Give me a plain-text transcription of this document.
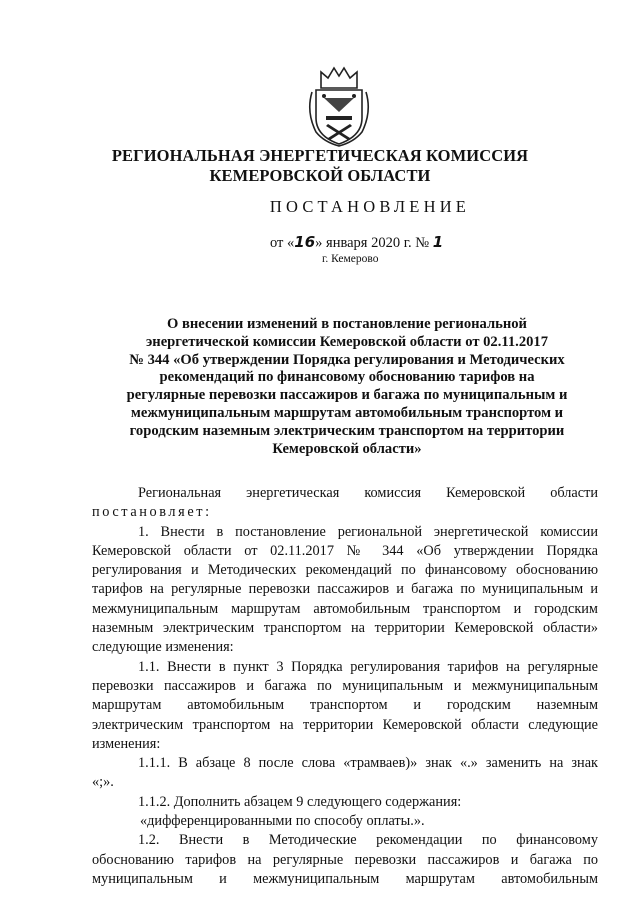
РЕГИОНАЛЬНАЯ ЭНЕРГЕТИЧЕСКАЯ КОМИССИЯ
КЕМЕРОВСКОЙ ОБЛАСТИ
ПОСТАНОВЛЕНИЕ
от «16» января 2020 г. № 1
г. Кемерово
О внесении изменений в постановление региональной
энергетической комиссии Кемеровской области от 02.11.2017
№ 344 «Об утверждении Порядка регулирования и Методических
рекомендаций по финансовому обоснованию тарифов на
регулярные перевозки пассажиров и багажа по муниципальным и
межмуниципальным маршрутам автомобильным транспортом и
городским наземным электрическим транспортом на территории
Кемеровской области»
Региональная энергетическая комиссия Кемеровской области
постановляет:
1. Внести в постановление региональной энергетической комиссии
Кемеровской области от 02.11.2017 № 344 «Об утверждении Порядка
регулирования и Методических рекомендаций по финансовому обоснованию
тарифов на регулярные перевозки пассажиров и багажа по муниципальным и
межмуниципальным маршрутам автомобильным транспортом и городским
наземным электрическим транспортом на территории Кемеровской области»
следующие изменения:
1.1. Внести в пункт 3 Порядка регулирования тарифов на регулярные
перевозки пассажиров и багажа по муниципальным и межмуниципальным
маршрутам автомобильным транспортом и городским наземным
электрическим транспортом на территории Кемеровской области следующие
изменения:
1.1.1. В абзаце 8 после слова «трамваев)» знак «.» заменить на знак
«;».
1.1.2. Дополнить абзацем 9 следующего содержания:
«дифференцированными по способу оплаты.».
1.2. Внести в Методические рекомендации по финансовому
обоснованию тарифов на регулярные перевозки пассажиров и багажа по
муниципальным и межмуниципальным маршрутам автомобильным
